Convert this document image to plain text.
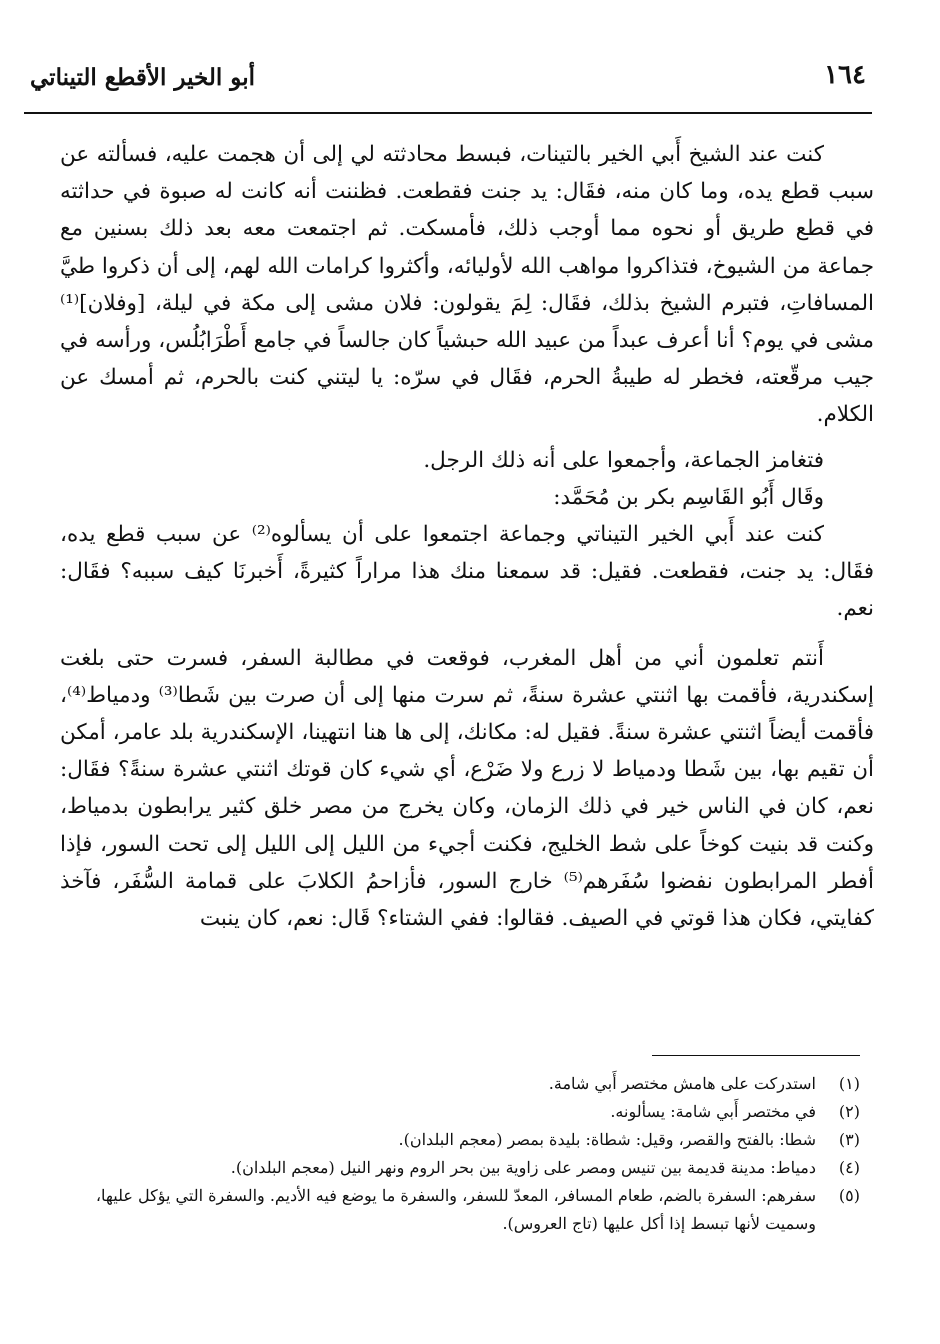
١٦٤
أبو الخير الأقطع التيناتي

كنت عند الشيخ أَبي الخير بالتينات، فبسط محادثته لي إلى أن هجمت عليه، فسألته عن سبب قطع يده، وما كان منه، فقَال: يد جنت فقطعت. فظننت أنه كانت له صبوة في حداثته في قطع طريق أو نحوه مما أوجب ذلك، فأمسكت. ثم اجتمعت معه بعد ذلك بسنين مع جماعة من الشيوخ، فتذاكروا مواهب الله لأوليائه، وأكثروا كرامات الله لهم، إلى أن ذكروا طيَّ المسافاتِ، فتبرم الشيخ بذلك، فقَال: لِمَ يقولون: فلان مشى إلى مكة في ليلة، [وفلان]⁽¹⁾ مشى في يوم؟ أنا أعرف عبداً من عبيد الله حبشياً كان جالساً في جامع أَطْرَابُلُس، ورأسه في جيب مرقّعته، فخطر له طيبةُ الحرم، فقَال في سرّه: يا ليتني كنت بالحرم، ثم أمسك عن الكلام.

فتغامز الجماعة، وأجمعوا على أنه ذلك الرجل.

وقَال أَبُو القَاسِم بكر بن مُحَمَّد:

كنت عند أَبي الخير التيناتي وجماعة اجتمعوا على أن يسألوه⁽²⁾ عن سبب قطع يده، فقَال: يد جنت، فقطعت. فقيل: قد سمعنا منك هذا مراراً كثيرةً، أَخبرنَا كيف سببه؟ فقَال: نعم.

أَنتم تعلمون أني من أهل المغرب، فوقعت في مطالبة السفر، فسرت حتى بلغت إسكندرية، فأقمت بها اثنتي عشرة سنةً، ثم سرت منها إلى أن صرت بين شَطا⁽³⁾ ودمياط⁽⁴⁾، فأقمت أيضاً اثنتي عشرة سنةً. فقيل له: مكانك، إلى ها هنا انتهينا، الإسكندرية بلد عامر، أمكن أن تقيم بها، بين شَطا ودمياط لا زرع ولا ضَرْع، أي شيء كان قوتك اثنتي عشرة سنةً؟ فقَال: نعم، كان في الناس خير في ذلك الزمان، وكان يخرج من مصر خلق كثير يرابطون بدمياط، وكنت قد بنيت كوخاً على شط الخليج، فكنت أجيء من الليل إلى الليل إلى تحت السور، فإذا أفطر المرابطون نفضوا سُفَرهم⁽⁵⁾ خارج السور، فأزاحمُ الكلابَ على قمامة السُّفَر، فآخذ كفايتي، فكان هذا قوتي في الصيف. فقالوا: ففي الشتاء؟ قَال: نعم، كان ينبت

(١)
استدركت على هامش مختصر أَبي شامة.
(٢)
في مختصر أَبي شامة: يسألونه.
(٣)
شطا: بالفتح والقصر، وقيل: شطاة: بليدة بمصر (معجم البلدان).
(٤)
دمياط: مدينة قديمة بين تنيس ومصر على زاوية بين بحر الروم ونهر النيل (معجم البلدان).
(٥)
سفرهم: السفرة بالضم، طعام المسافر، المعدّ للسفر، والسفرة ما يوضع فيه الأديم. والسفرة التي يؤكل عليها، وسميت لأنها تبسط إذا أكل عليها (تاج العروس).
